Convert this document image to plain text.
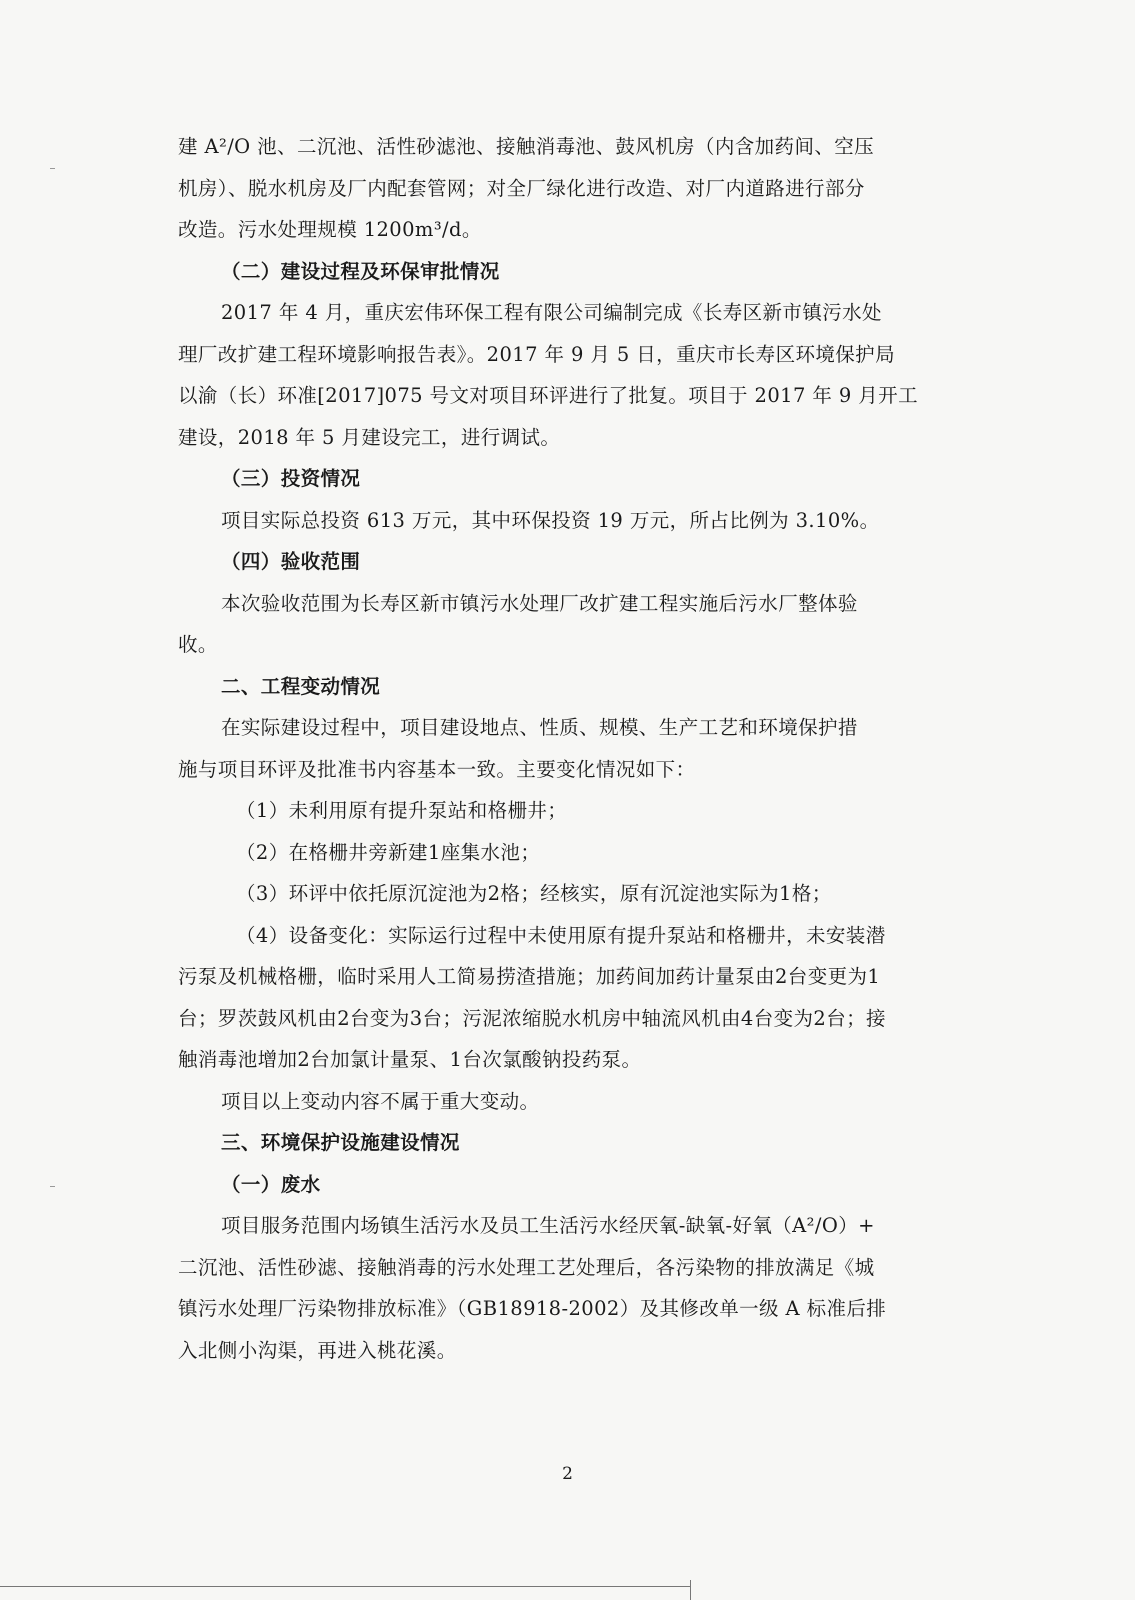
建 A²/O 池、二沉池、活性砂滤池、接触消毒池、鼓风机房（内含加药间、空压
机房）、脱水机房及厂内配套管网；对全厂绿化进行改造、对厂内道路进行部分
改造。污水处理规模 1200m³/d。
（二）建设过程及环保审批情况
2017 年 4 月，重庆宏伟环保工程有限公司编制完成《长寿区新市镇污水处
理厂改扩建工程环境影响报告表》。2017 年 9 月 5 日，重庆市长寿区环境保护局
以渝（长）环准[2017]075 号文对项目环评进行了批复。项目于 2017 年 9 月开工
建设，2018 年 5 月建设完工，进行调试。
（三）投资情况
项目实际总投资 613 万元，其中环保投资 19 万元，所占比例为 3.10%。
（四）验收范围
本次验收范围为长寿区新市镇污水处理厂改扩建工程实施后污水厂整体验
收。
二、工程变动情况
在实际建设过程中，项目建设地点、性质、规模、生产工艺和环境保护措
施与项目环评及批准书内容基本一致。主要变化情况如下：
（1）未利用原有提升泵站和格栅井；
（2）在格栅井旁新建1座集水池；
（3）环评中依托原沉淀池为2格；经核实，原有沉淀池实际为1格；
（4）设备变化：实际运行过程中未使用原有提升泵站和格栅井，未安装潜
污泵及机械格栅，临时采用人工简易捞渣措施；加药间加药计量泵由2台变更为1
台；罗茨鼓风机由2台变为3台；污泥浓缩脱水机房中轴流风机由4台变为2台；接
触消毒池增加2台加氯计量泵、1台次氯酸钠投药泵。
项目以上变动内容不属于重大变动。
三、环境保护设施建设情况
（一）废水
项目服务范围内场镇生活污水及员工生活污水经厌氧-缺氧-好氧（A²/O）+
二沉池、活性砂滤、接触消毒的污水处理工艺处理后，各污染物的排放满足《城
镇污水处理厂污染物排放标准》（GB18918-2002）及其修改单一级 A 标准后排
入北侧小沟渠，再进入桃花溪。
2
